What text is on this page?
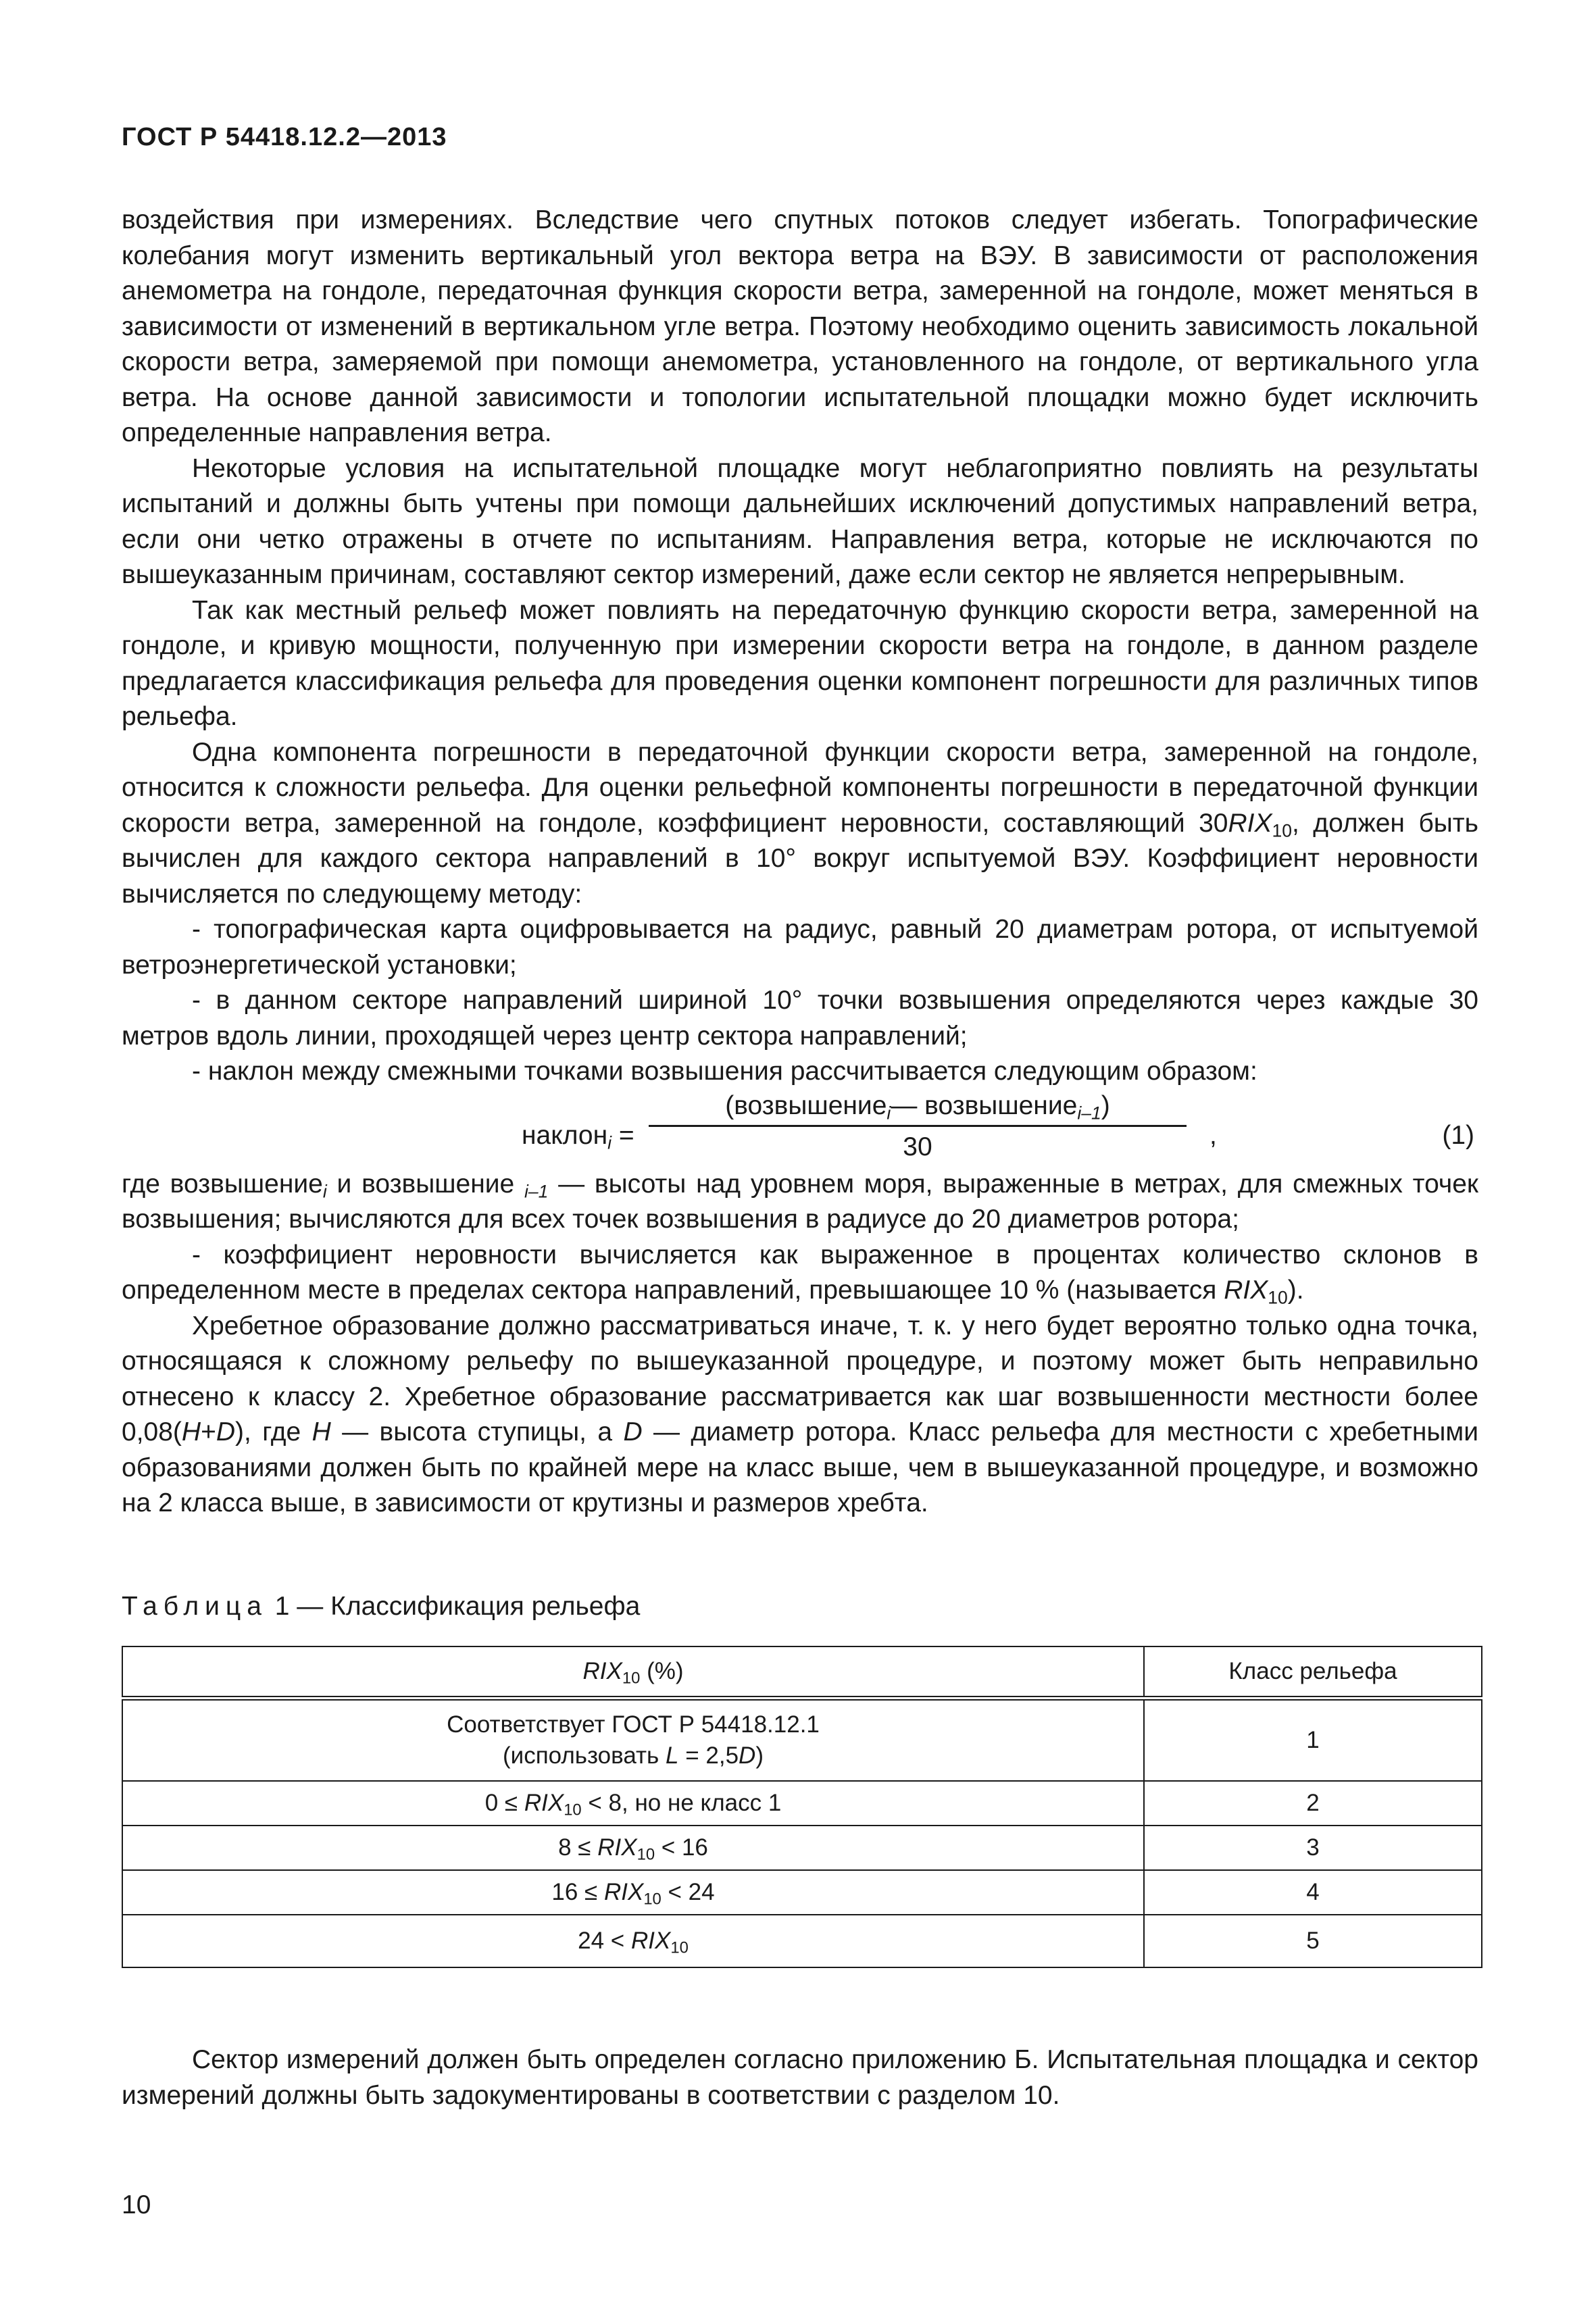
ГОСТ Р 54418.12.2—2013

воздействия при измерениях. Вследствие чего спутных потоков следует избегать. Топографические колебания могут изменить вертикальный угол вектора ветра на ВЭУ. В зависимости от расположения анемометра на гондоле, передаточная функция скорости ветра, замеренной на гондоле, может меняться в зависимости от изменений в вертикальном угле ветра. Поэтому необходимо оценить зависимость локальной скорости ветра, замеряемой при помощи анемометра, установленного на гондоле, от вертикального угла ветра. На основе данной зависимости и топологии испытательной площадки можно будет исключить определенные направления ветра.

Некоторые условия на испытательной площадке могут неблагоприятно повлиять на результаты испытаний и должны быть учтены при помощи дальнейших исключений допустимых направлений ветра, если они четко отражены в отчете по испытаниям. Направления ветра, которые не исключаются по вышеуказанным причинам, составляют сектор измерений, даже если сектор не является непрерывным.

Так как местный рельеф может повлиять на передаточную функцию скорости ветра, замеренной на гондоле, и кривую мощности, полученную при измерении скорости ветра на гондоле, в данном разделе предлагается классификация рельефа для проведения оценки компонент погрешности для различных типов рельефа.

Одна компонента погрешности в передаточной функции скорости ветра, замеренной на гондоле, относится к сложности рельефа. Для оценки рельефной компоненты погрешности в передаточной функции скорости ветра, замеренной на гондоле, коэффициент неровности, составляющий $30RIX_{10}$, должен быть вычислен для каждого сектора направлений в 10° вокруг испытуемой ВЭУ. Коэффициент неровности вычисляется по следующему методу:

- топографическая карта оцифровывается на радиус, равный 20 диаметрам ротора, от испытуемой ветроэнергетической установки;

- в данном секторе направлений шириной 10° точки возвышения определяются через каждые 30 метров вдоль линии, проходящей через центр сектора направлений;

- наклон между смежными точками возвышения рассчитывается следующим образом:

наклон$_i$ =
(возвышение$_i$— возвышение$_{i-1}$)
30	,	(1)

где возвышение$_i$ и возвышение $_{i-1}$ — высоты над уровнем моря, выраженные в метрах, для смежных точек возвышения; вычисляются для всех точек возвышения в радиусе до 20 диаметров ротора;

- коэффициент неровности вычисляется как выраженное в процентах количество склонов в определенном месте в пределах сектора направлений, превышающее 10 % (называется $RIX_{10}$).

Хребетное образование должно рассматриваться иначе, т. к. у него будет вероятно только одна точка, относящаяся к сложному рельефу по вышеуказанной процедуре, и поэтому может быть неправильно отнесено к классу 2. Хребетное образование рассматривается как шаг возвышенности местности более 0,08(H+D), где H — высота ступицы, а D — диаметр ротора. Класс рельефа для местности с хребетными образованиями должен быть по крайней мере на класс выше, чем в вышеуказанной процедуре, и возможно на 2 класса выше, в зависимости от крутизны и размеров хребта.

Таблица 1 — Классификация рельефа

$RIX_{10}$ (%)	Класс рельефа
Соответствует ГОСТ Р 54418.12.1
(использовать L = 2,5D)	1
$0 \le RIX_{10} < 8$, но не класс 1	2
$8 \le RIX_{10} < 16$	3
$16 \le RIX_{10} < 24$	4
$24 < RIX_{10}$	5

Сектор измерений должен быть определен согласно приложению Б. Испытательная площадка и сектор измерений должны быть задокументированы в соответствии с разделом 10.

10
